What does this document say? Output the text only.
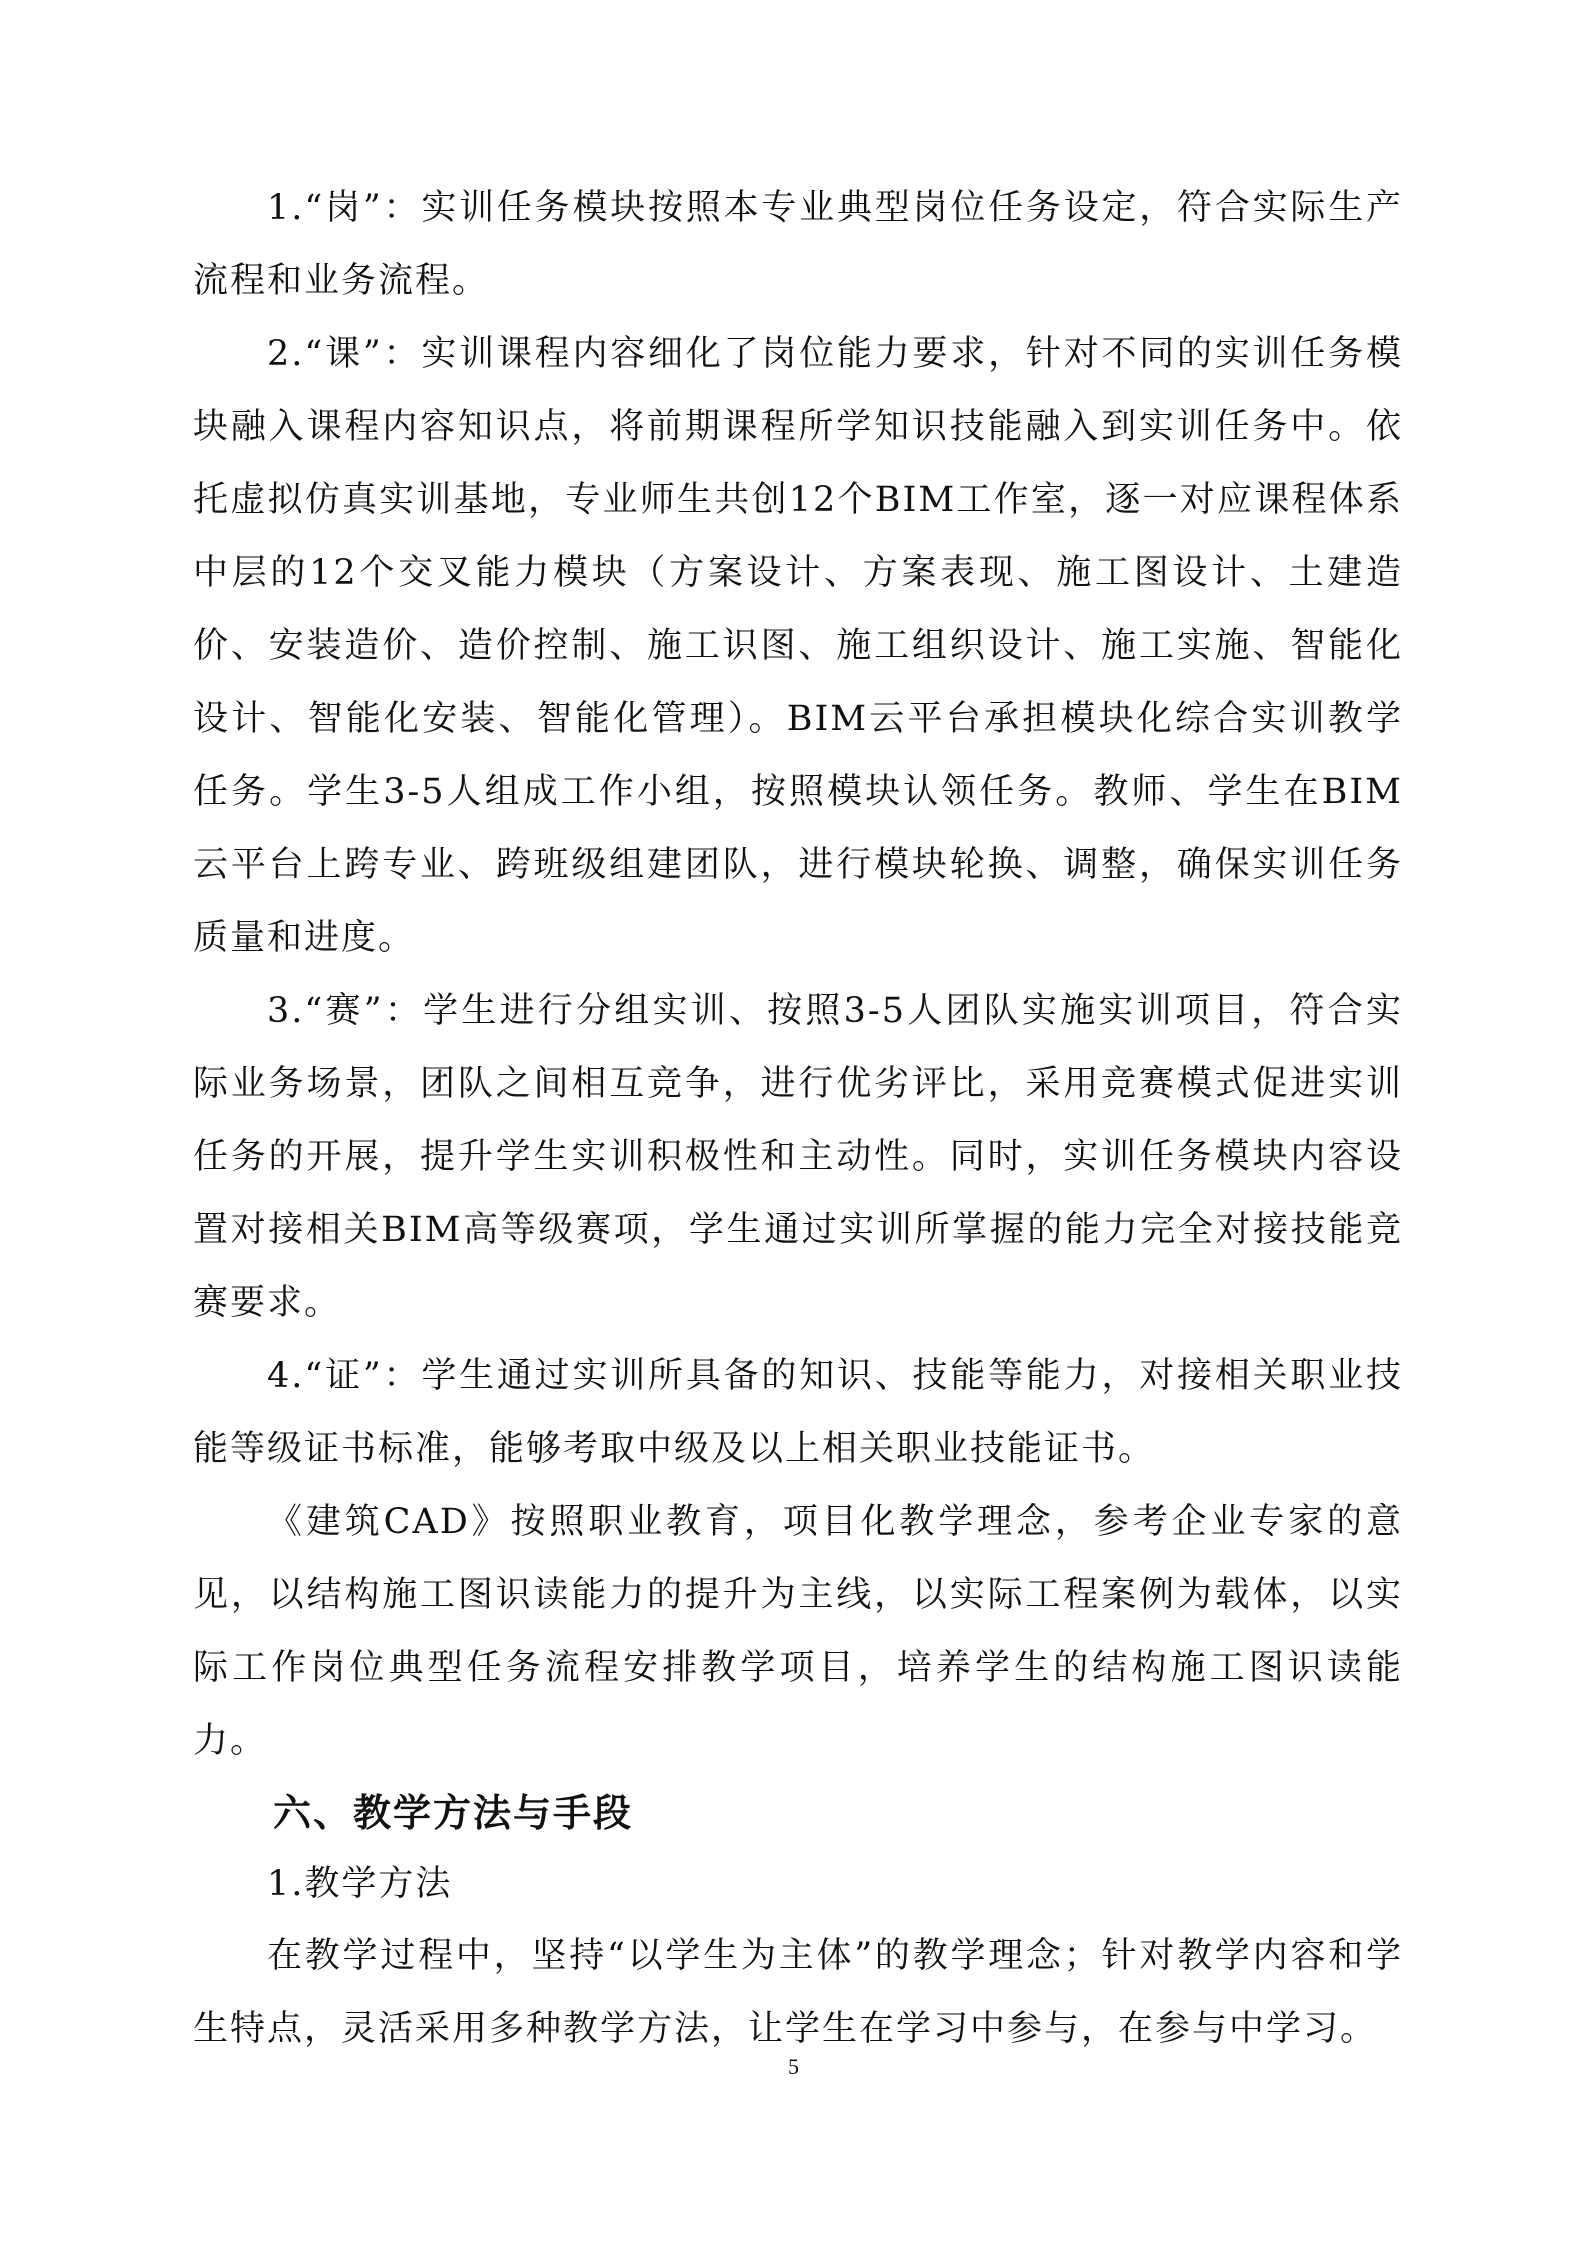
1.“岗”：实训任务模块按照本专业典型岗位任务设定，符合实际生产流程和业务流程。

2.“课”：实训课程内容细化了岗位能力要求，针对不同的实训任务模块融入课程内容知识点，将前期课程所学知识技能融入到实训任务中。依托虚拟仿真实训基地，专业师生共创12个BIM工作室，逐一对应课程体系中层的12个交叉能力模块（方案设计、方案表现、施工图设计、土建造价、安装造价、造价控制、施工识图、施工组织设计、施工实施、智能化设计、智能化安装、智能化管理）。BIM云平台承担模块化综合实训教学任务。学生3-5人组成工作小组，按照模块认领任务。教师、学生在BIM云平台上跨专业、跨班级组建团队，进行模块轮换、调整，确保实训任务质量和进度。

3.“赛”：学生进行分组实训、按照3-5人团队实施实训项目，符合实际业务场景，团队之间相互竞争，进行优劣评比，采用竞赛模式促进实训任务的开展，提升学生实训积极性和主动性。同时，实训任务模块内容设置对接相关BIM高等级赛项，学生通过实训所掌握的能力完全对接技能竞赛要求。

4.“证”：学生通过实训所具备的知识、技能等能力，对接相关职业技能等级证书标准，能够考取中级及以上相关职业技能证书。

《建筑CAD》按照职业教育，项目化教学理念，参考企业专家的意见，以结构施工图识读能力的提升为主线，以实际工程案例为载体，以实际工作岗位典型任务流程安排教学项目，培养学生的结构施工图识读能力。

六、教学方法与手段

1.教学方法

在教学过程中，坚持“以学生为主体”的教学理念；针对教学内容和学生特点，灵活采用多种教学方法，让学生在学习中参与，在参与中学习。

5
